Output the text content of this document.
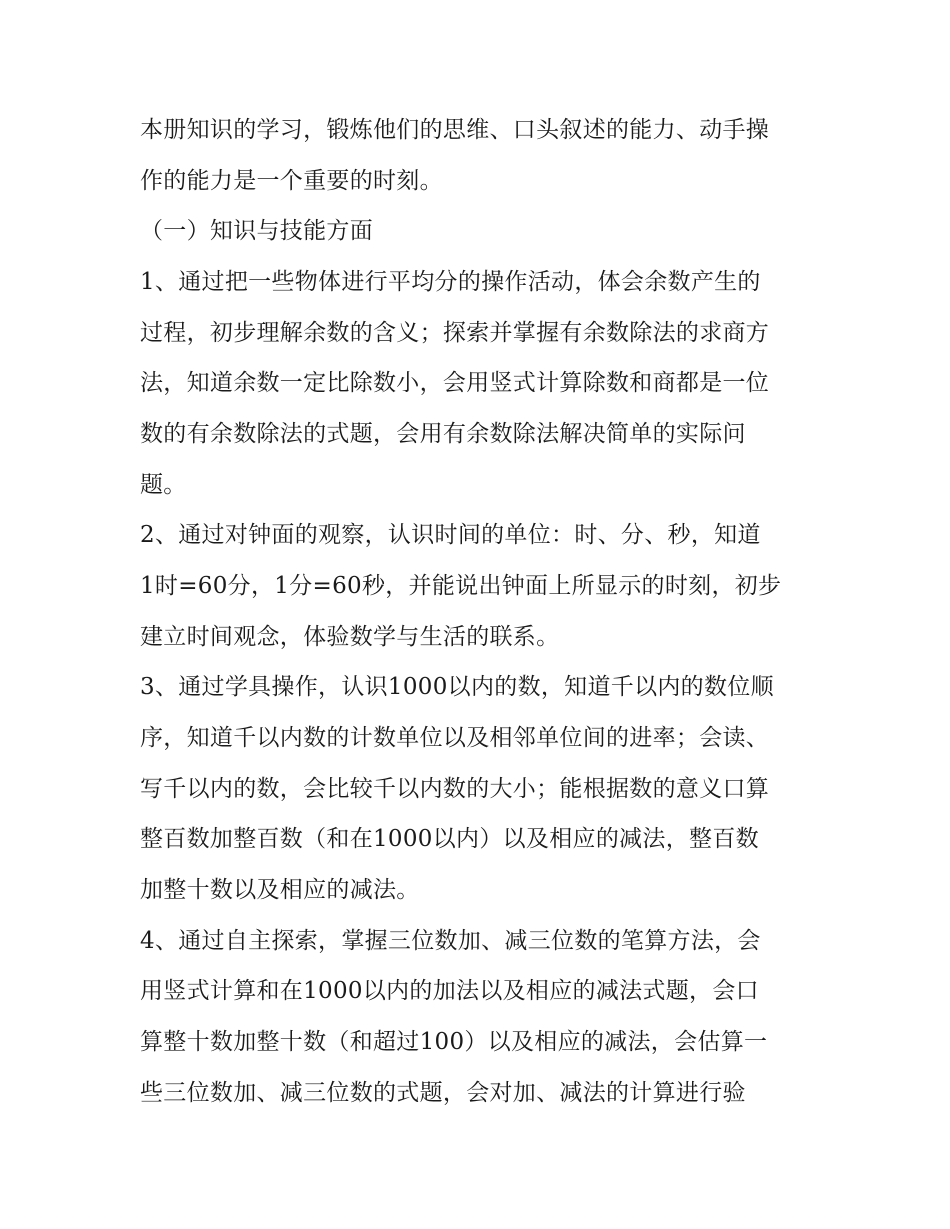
本册知识的学习，锻炼他们的思维、口头叙述的能力、动手操
作的能力是一个重要的时刻。
（一）知识与技能方面
1、通过把一些物体进行平均分的操作活动，体会余数产生的
过程，初步理解余数的含义；探索并掌握有余数除法的求商方
法，知道余数一定比除数小，会用竖式计算除数和商都是一位
数的有余数除法的式题，会用有余数除法解决简单的实际问
题。
2、通过对钟面的观察，认识时间的单位：时、分、秒，知道
1时=60分，1分=60秒，并能说出钟面上所显示的时刻，初步
建立时间观念，体验数学与生活的联系。
3、通过学具操作，认识1000以内的数，知道千以内的数位顺
序，知道千以内数的计数单位以及相邻单位间的进率；会读、
写千以内的数，会比较千以内数的大小；能根据数的意义口算
整百数加整百数（和在1000以内）以及相应的减法，整百数
加整十数以及相应的减法。
4、通过自主探索，掌握三位数加、减三位数的笔算方法，会
用竖式计算和在1000以内的加法以及相应的减法式题，会口
算整十数加整十数（和超过100）以及相应的减法，会估算一
些三位数加、减三位数的式题，会对加、减法的计算进行验
